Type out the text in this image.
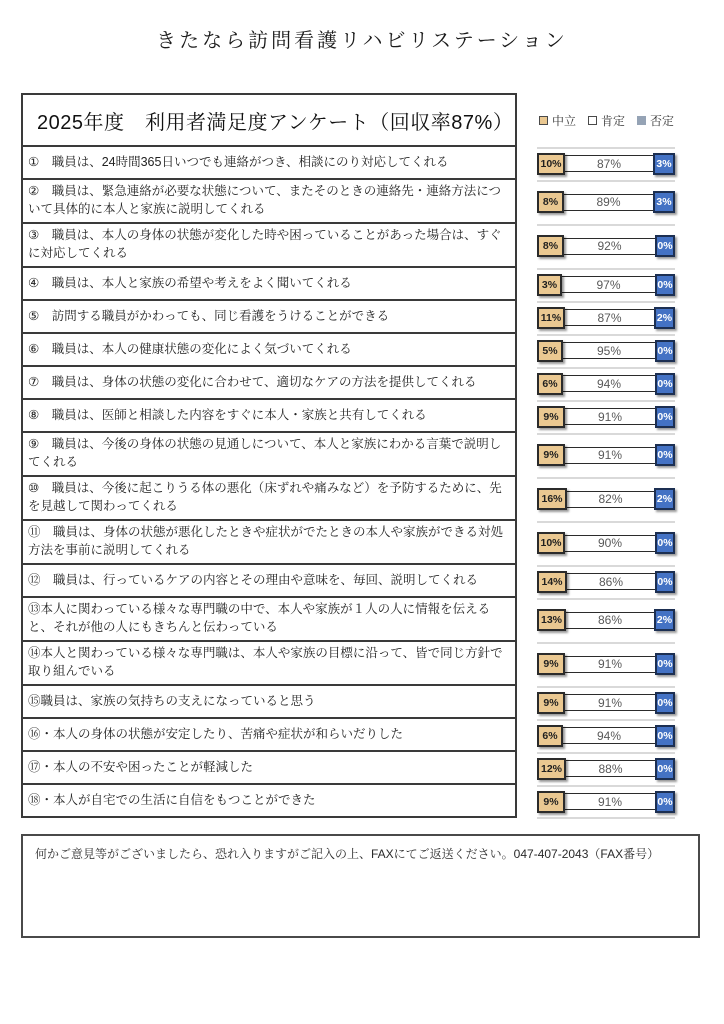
きたなら訪問看護リハビリステーション
2025年度　利用者満足度アンケート（回収率87%）	中立 肯定 否定
①　職員は、24時間365日いつでも連絡がつき、相談にのり対応してくれる	10%	87%	3%
②　職員は、緊急連絡が必要な状態について、またそのときの連絡先・連絡方法について具体的に本人と家族に説明してくれる	8%	89%	3%
③　職員は、本人の身体の状態が変化した時や困っていることがあった場合は、すぐに対応してくれる	8%	92%	0%
④　職員は、本人と家族の希望や考えをよく聞いてくれる	3%	97%	0%
⑤　訪問する職員がかわっても、同じ看護をうけることができる	11%	87%	2%
⑥　職員は、本人の健康状態の変化によく気づいてくれる	5%	95%	0%
⑦　職員は、身体の状態の変化に合わせて、適切なケアの方法を提供してくれる	6%	94%	0%
⑧　職員は、医師と相談した内容をすぐに本人・家族と共有してくれる	9%	91%	0%
⑨　職員は、今後の身体の状態の見通しについて、本人と家族にわかる言葉で説明してくれる	9%	91%	0%
⑩　職員は、今後に起こりうる体の悪化（床ずれや痛みなど）を予防するために、先を見越して関わってくれる	16%	82%	2%
⑪　職員は、身体の状態が悪化したときや症状がでたときの本人や家族ができる対処方法を事前に説明してくれる	10%	90%	0%
⑫　職員は、行っているケアの内容とその理由や意味を、毎回、説明してくれる	14%	86%	0%
⑬本人に関わっている様々な専門職の中で、本人や家族が１人の人に情報を伝えると、それが他の人にもきちんと伝わっている	13%	86%	2%
⑭本人と関わっている様々な専門職は、本人や家族の目標に沿って、皆で同じ方針で取り組んでいる	9%	91%	0%
⑮職員は、家族の気持ちの支えになっていると思う	9%	91%	0%
⑯・本人の身体の状態が安定したり、苦痛や症状が和らいだりした	6%	94%	0%
⑰・本人の不安や困ったことが軽減した	12%	88%	0%
⑱・本人が自宅での生活に自信をもつことができた	9%	91%	0%
何かご意見等がございましたら、恐れ入りますがご記入の上、FAXにてご返送ください。047-407-2043（FAX番号）
